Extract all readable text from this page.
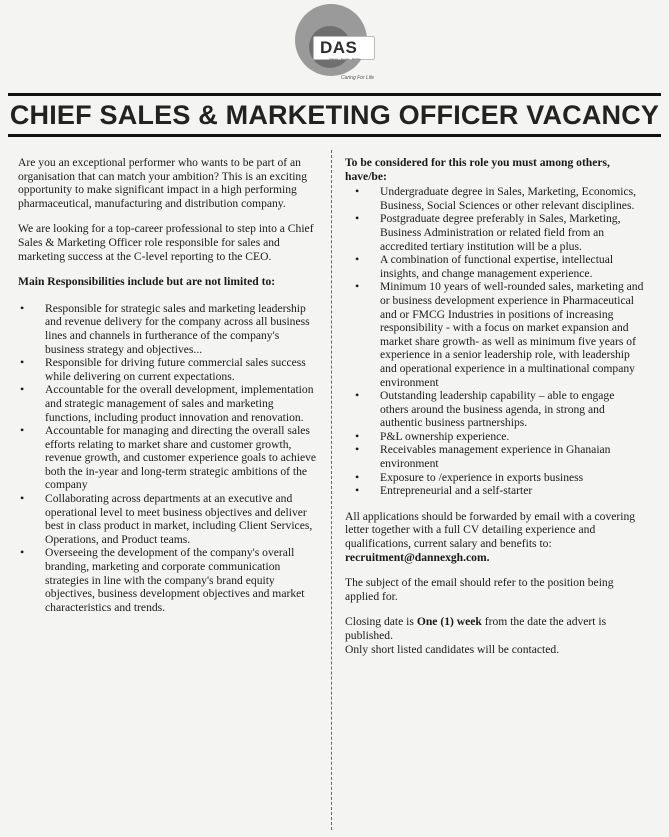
DAS
Danex · Syntet · Mobile
Caring For Life
CHIEF SALES & MARKETING OFFICER VACANCY

Are you an exceptional performer who wants to be part of an organisation that can match your ambition? This is an exciting opportunity to make significant impact in a high performing pharmaceutical, manufacturing and distribution company.

We are looking for a top-career professional to step into a Chief Sales & Marketing Officer role responsible for sales and marketing success at the C-level reporting to the CEO.

Main Responsibilities include but are not limited to:

• Responsible for strategic sales and marketing leadership and revenue delivery for the company across all business lines and channels in furtherance of the company's business strategy and objectives...
• Responsible for driving future commercial sales success while delivering on current expectations.
• Accountable for the overall development, implementation and strategic management of sales and marketing functions, including product innovation and renovation.
• Accountable for managing and directing the overall sales efforts relating to market share and customer growth, revenue growth, and customer experience goals to achieve both the in-year and long-term strategic ambitions of the company
• Collaborating across departments at an executive and operational level to meet business objectives and deliver best in class product in market, including Client Services, Operations, and Product teams.
• Overseeing the development of the company's overall branding, marketing and corporate communication strategies in line with the company's brand equity objectives, business development objectives and market characteristics and trends.

To be considered for this role you must among others, have/be:

• Undergraduate degree in Sales, Marketing, Economics, Business, Social Sciences or other relevant disciplines.
• Postgraduate degree preferably in Sales, Marketing, Business Administration or related field from an accredited tertiary institution will be a plus.
• A combination of functional expertise, intellectual insights, and change management experience.
• Minimum 10 years of well-rounded sales, marketing and or business development experience in Pharmaceutical and or FMCG Industries in positions of increasing responsibility - with a focus on market expansion and market share growth- as well as minimum five years of experience in a senior leadership role, with leadership and operational experience in a multinational company environment
• Outstanding leadership capability – able to engage others around the business agenda, in strong and authentic business partnerships.
• P&L ownership experience.
• Receivables management experience in Ghanaian environment
• Exposure to /experience in exports business
• Entrepreneurial and a self-starter

All applications should be forwarded by email with a covering letter together with a full CV detailing experience and qualifications, current salary and benefits to: recruitment@dannexgh.com.

The subject of the email should refer to the position being applied for.

Closing date is One (1) week from the date the advert is published.

Only short listed candidates will be contacted.
